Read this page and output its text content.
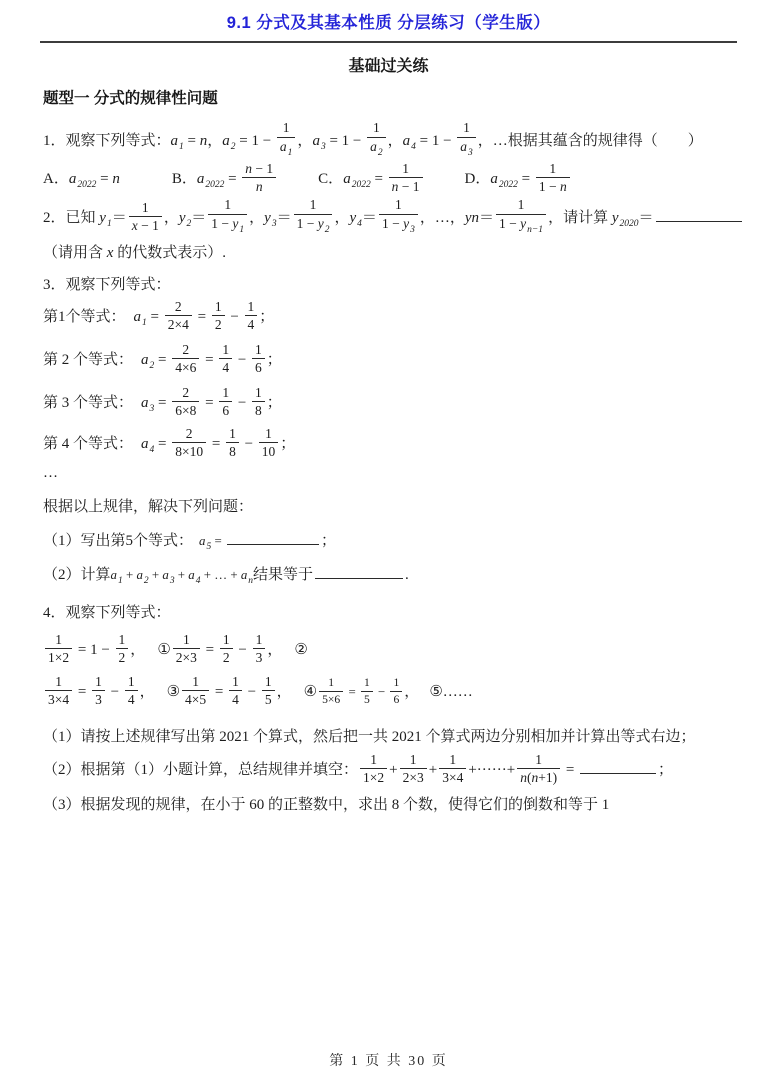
9.1 分式及其基本性质 分层练习（学生版）
基础过关练
题型一 分式的规律性问题
1．观察下列等式：$a_1 = n$，$a_2 = 1 - \frac{1}{a_1}$ ，$a_3 = 1 - \frac{1}{a_2}$ ，$a_4 = 1 - \frac{1}{a_3}$ ，…根据其蕴含的规律得（　　）
A．$a_{2022} = n$	B．$a_{2022} = \frac{n - 1}{n}$	C．$a_{2022} = \frac{1}{n - 1}$	D．$a_{2022} = \frac{1}{1 - n}$
2．已知 $y_1= \frac{1}{x - 1}$ ，$y_2= \frac{1}{1 - y_1}$ ，$y_3= \frac{1}{1 - y_2}$ ，$y_4= \frac{1}{1 - y_3}$ ，…，$yn= \frac{1}{1 - y_{n-1}}$ ，请计算 $y_{2020}=$
（请用含 x 的代数式表示）.
3．观察下列等式：
第1个等式： $a_1 = \frac{2}{2\times 4} = \frac{1}{2} - \frac{1}{4}$ ；
第 2 个等式： $a_2 = \frac{2}{4\times 6} = \frac{1}{4} - \frac{1}{6}$ ；
第 3 个等式： $a_3 = \frac{2}{6\times 8} = \frac{1}{6} - \frac{1}{8}$ ；
第 4 个等式： $a_4 = \frac{2}{8\times 10} = \frac{1}{8} - \frac{1}{10}$ ；
…
根据以上规律，解决下列问题：
（1）写出第5个等式： $a_5$ =	；
（2）计算$a_1 + a_2 + a_3 + a_4$ + … + $a_n$结果等于	.
4．观察下列等式：
$\frac{1}{1\times 2} = 1 - \frac{1}{2}$ ， ① $\frac{1}{2\times 3} = \frac{1}{2} - \frac{1}{3}$ ， ②
$\frac{1}{3\times 4} = \frac{1}{3} - \frac{1}{4}$ ， ③ $\frac{1}{4\times 5} = \frac{1}{4} - \frac{1}{5}$ ， ④ $\frac{1}{5\times 6} = \frac{1}{5} - \frac{1}{6}$ ， ⑤……
（1）请按上述规律写出第 2021 个算式，然后把一共 2021 个算式两边分别相加并计算出等式右边；
（2）根据第（1）小题计算，总结规律并填空： $\frac{1}{1\times 2} + \frac{1}{2\times 3} + \frac{1}{3\times 4}$ +······+ $\frac{1}{n(n+1)}$ =	；
（3）根据发现的规律，在小于 60 的正整数中，求出 8 个数，使得它们的倒数和等于 1
第 1 页 共 30 页
